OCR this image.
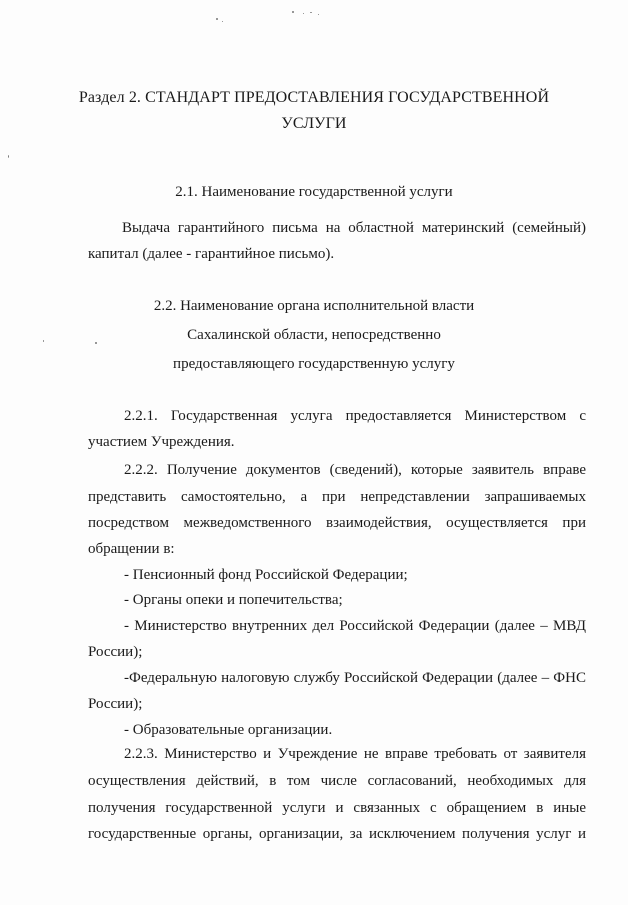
Раздел 2. СТАНДАРТ ПРЕДОСТАВЛЕНИЯ ГОСУДАРСТВЕННОЙ
УСЛУГИ
2.1. Наименование государственной услуги
Выдача гарантийного письма на областной материнский (семейный)
капитал (далее - гарантийное письмо).
2.2. Наименование органа исполнительной власти
Сахалинской области, непосредственно
предоставляющего государственную услугу
2.2.1. Государственная услуга предоставляется Министерством с
участием Учреждения.
2.2.2. Получение документов (сведений), которые заявитель вправе
представить самостоятельно, а при непредставлении запрашиваемых
посредством межведомственного взаимодействия, осуществляется при
обращении в:
- Пенсионный фонд Российской Федерации;
- Органы опеки и попечительства;
- Министерство внутренних дел Российской Федерации (далее – МВД
России);
-Федеральную налоговую службу Российской Федерации (далее – ФНС
России);
- Образовательные организации.
2.2.3. Министерство и Учреждение не вправе требовать от заявителя
осуществления действий, в том числе согласований, необходимых для
получения государственной услуги и связанных с обращением в иные
государственные органы, организации, за исключением получения услуг и
